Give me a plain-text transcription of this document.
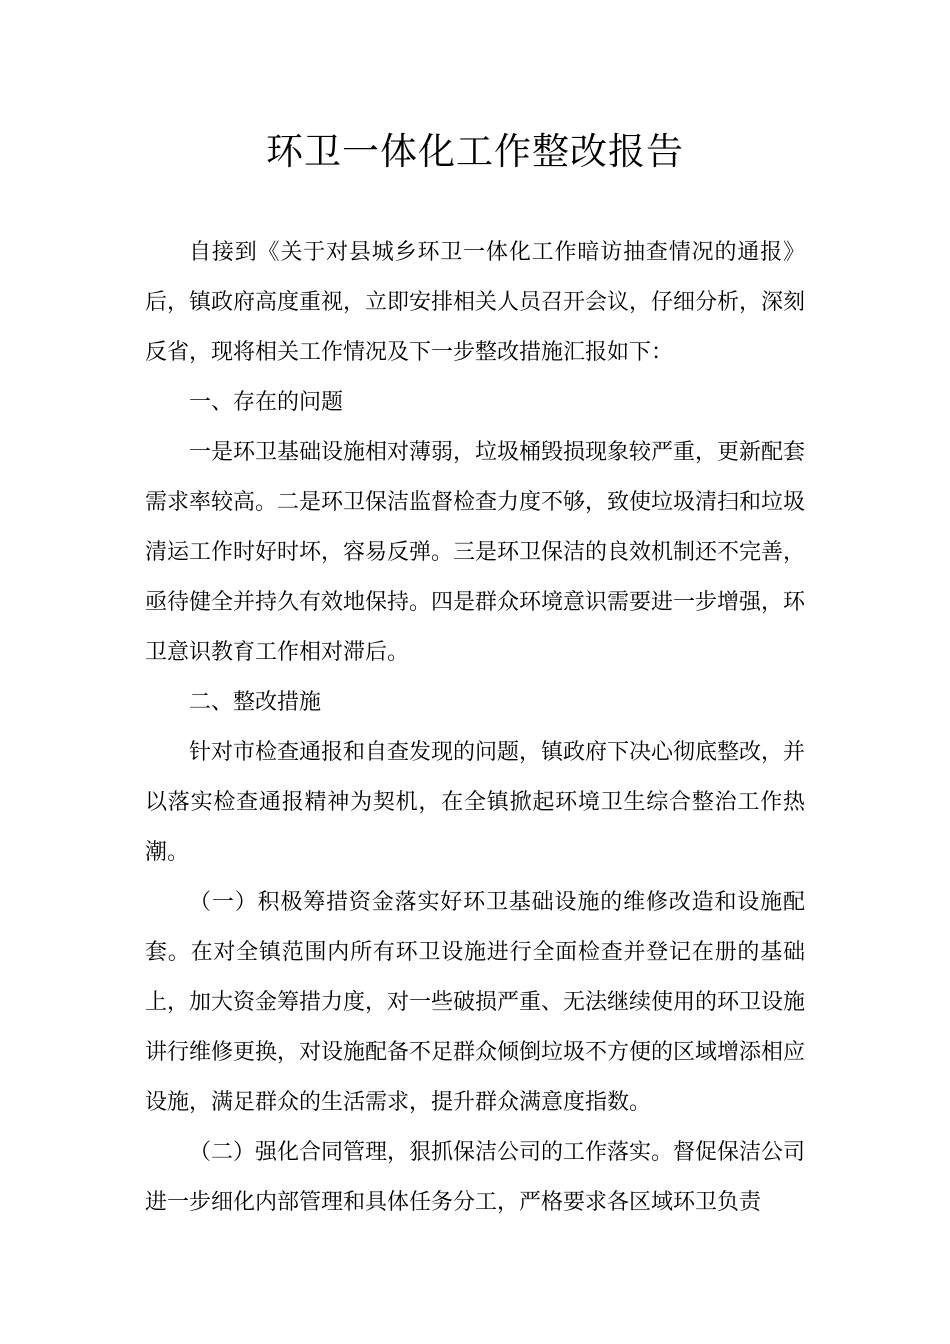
环卫一体化工作整改报告

自接到《关于对县城乡环卫一体化工作暗访抽查情况的通报》后，镇政府高度重视，立即安排相关人员召开会议，仔细分析，深刻反省，现将相关工作情况及下一步整改措施汇报如下：

一、存在的问题

一是环卫基础设施相对薄弱，垃圾桶毁损现象较严重，更新配套需求率较高。二是环卫保洁监督检查力度不够，致使垃圾清扫和垃圾清运工作时好时坏，容易反弹。三是环卫保洁的良效机制还不完善，亟待健全并持久有效地保持。四是群众环境意识需要进一步增强，环卫意识教育工作相对滞后。

二、整改措施

针对市检查通报和自查发现的问题，镇政府下决心彻底整改，并以落实检查通报精神为契机，在全镇掀起环境卫生综合整治工作热潮。

（一）积极筹措资金落实好环卫基础设施的维修改造和设施配套。在对全镇范围内所有环卫设施进行全面检查并登记在册的基础上，加大资金筹措力度，对一些破损严重、无法继续使用的环卫设施讲行维修更换，对设施配备不足群众倾倒垃圾不方便的区域增添相应设施，满足群众的生活需求，提升群众满意度指数。

（二）强化合同管理，狠抓保洁公司的工作落实。督促保洁公司进一步细化内部管理和具体任务分工，严格要求各区域环卫负责
